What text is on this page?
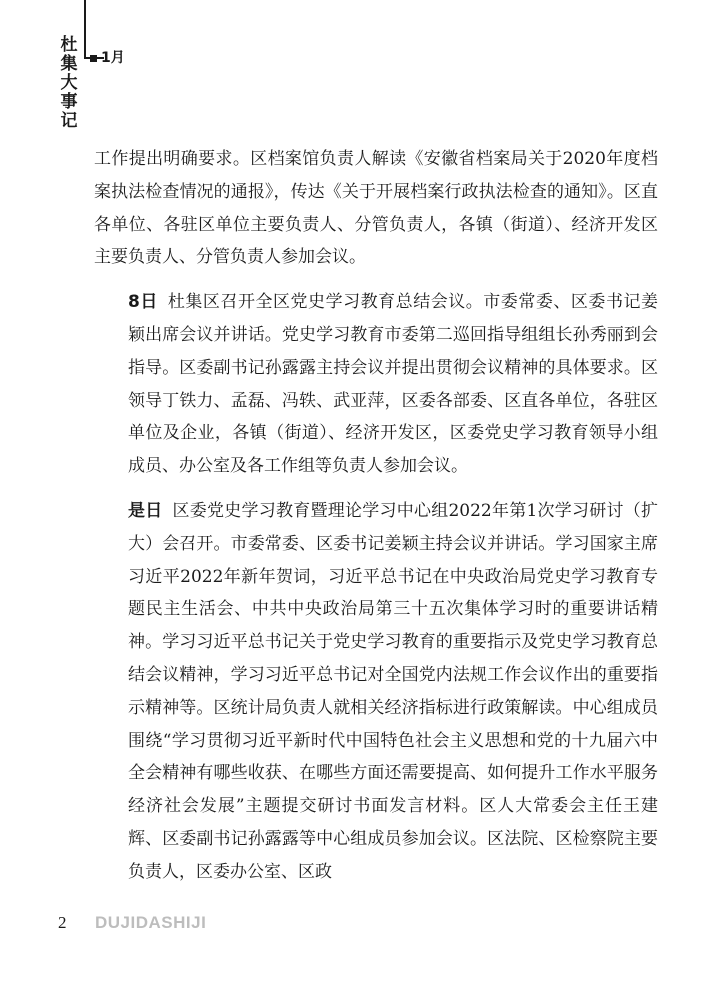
杜集大事记
1月

工作提出明确要求。区档案馆负责人解读《安徽省档案局关于2020年度档案执法检查情况的通报》，传达《关于开展档案行政执法检查的通知》。区直各单位、各驻区单位主要负责人、分管负责人，各镇（街道）、经济开发区主要负责人、分管负责人参加会议。

8日 杜集区召开全区党史学习教育总结会议。市委常委、区委书记姜颖出席会议并讲话。党史学习教育市委第二巡回指导组组长孙秀丽到会指导。区委副书记孙露露主持会议并提出贯彻会议精神的具体要求。区领导丁铁力、孟磊、冯轶、武亚萍，区委各部委、区直各单位，各驻区单位及企业，各镇（街道）、经济开发区，区委党史学习教育领导小组成员、办公室及各工作组等负责人参加会议。

是日 区委党史学习教育暨理论学习中心组2022年第1次学习研讨（扩大）会召开。市委常委、区委书记姜颖主持会议并讲话。学习国家主席习近平2022年新年贺词，习近平总书记在中央政治局党史学习教育专题民主生活会、中共中央政治局第三十五次集体学习时的重要讲话精神。学习习近平总书记关于党史学习教育的重要指示及党史学习教育总结会议精神，学习习近平总书记对全国党内法规工作会议作出的重要指示精神等。区统计局负责人就相关经济指标进行政策解读。中心组成员围绕“学习贯彻习近平新时代中国特色社会主义思想和党的十九届六中全会精神有哪些收获、在哪些方面还需要提高、如何提升工作水平服务经济社会发展”主题提交研讨书面发言材料。区人大常委会主任王建辉、区委副书记孙露露等中心组成员参加会议。区法院、区检察院主要负责人，区委办公室、区政

2 DUJIDASHIJI
